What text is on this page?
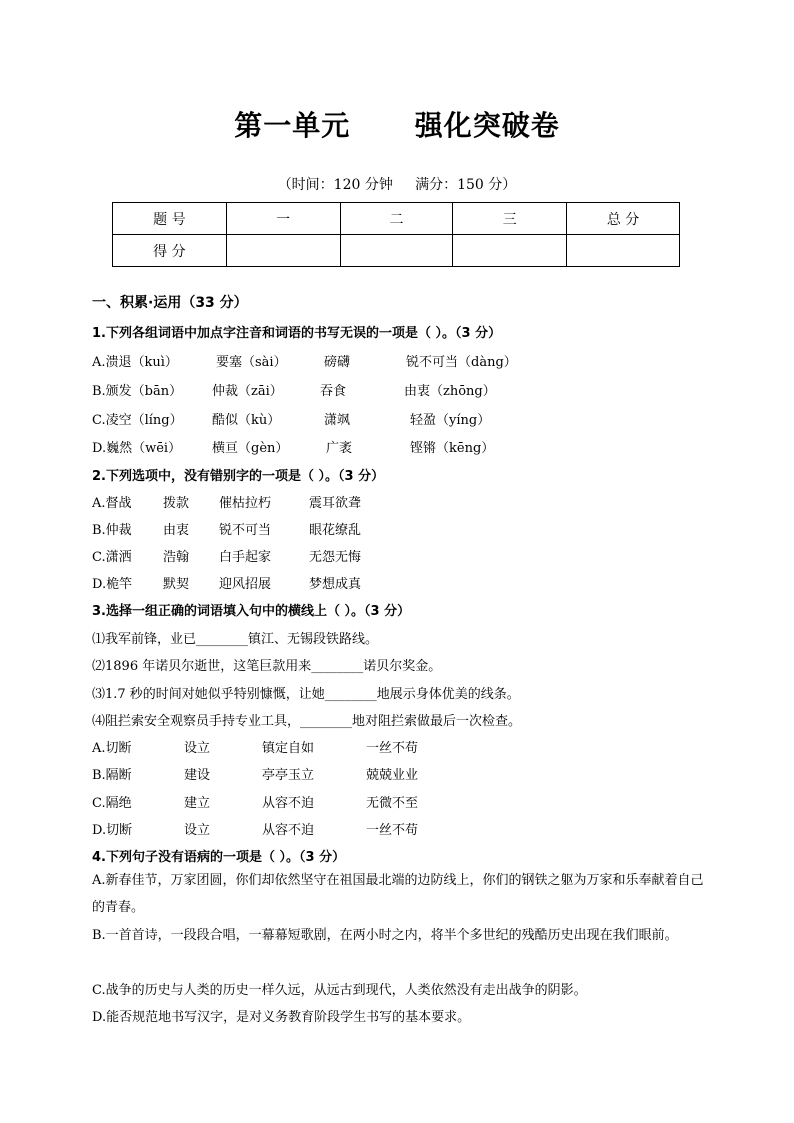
第一单元      强化突破卷
（时间：120 分钟     满分：150 分）
题 号	一	二	三	总 分
得 分				
一、积累·运用（33 分）
1.下列各组词语中加点字注音和词语的书写无误的一项是（ ）。（3 分）
A.溃退（kuì）	要塞（sài）	磅礴	锐不可当（dàng）
B.颁发（bān） 仲裁（zāi）	吞食	由衷（zhōng）
C.凌空（líng） 酷似（kù）	潇飒	轻盈（yíng）
D.巍然（wēi） 横亘（gèn）	广袤	铿锵（kēng）
2.下列选项中，没有错别字的一项是（ ）。（3 分）
A.督战 拨款 催枯拉朽	震耳欲聋
B.仲裁 由衷 锐不可当	眼花缭乱
C.潇洒 浩翰 白手起家	无怨无悔
D.桅竿 默契 迎风招展	梦想成真
3.选择一组正确的词语填入句中的横线上（ ）。（3 分）
⑴我军前锋，业已________镇江、无锡段铁路线。
⑵1896 年诺贝尔逝世，这笔巨款用来________诺贝尔奖金。
⑶1.7 秒的时间对她似乎特别慷慨，让她________地展示身体优美的线条。
⑷阻拦索安全观察员手持专业工具，________地对阻拦索做最后一次检查。
A.切断	设立	镇定自如	一丝不苟
B.隔断	建设	亭亭玉立	兢兢业业
C.隔绝	建立	从容不迫	无微不至
D.切断	设立	从容不迫	一丝不苟
4.下列句子没有语病的一项是（ ）。（3 分）
A.新春佳节，万家团圆，你们却依然坚守在祖国最北端的边防线上，你们的钢铁之躯为万家和乐奉献着自己的青春。
B.一首首诗，一段段合唱，一幕幕短歌剧，在两小时之内，将半个多世纪的残酷历史出现在我们眼前。
C.战争的历史与人类的历史一样久远，从远古到现代，人类依然没有走出战争的阴影。
D.能否规范地书写汉字，是对义务教育阶段学生书写的基本要求。
